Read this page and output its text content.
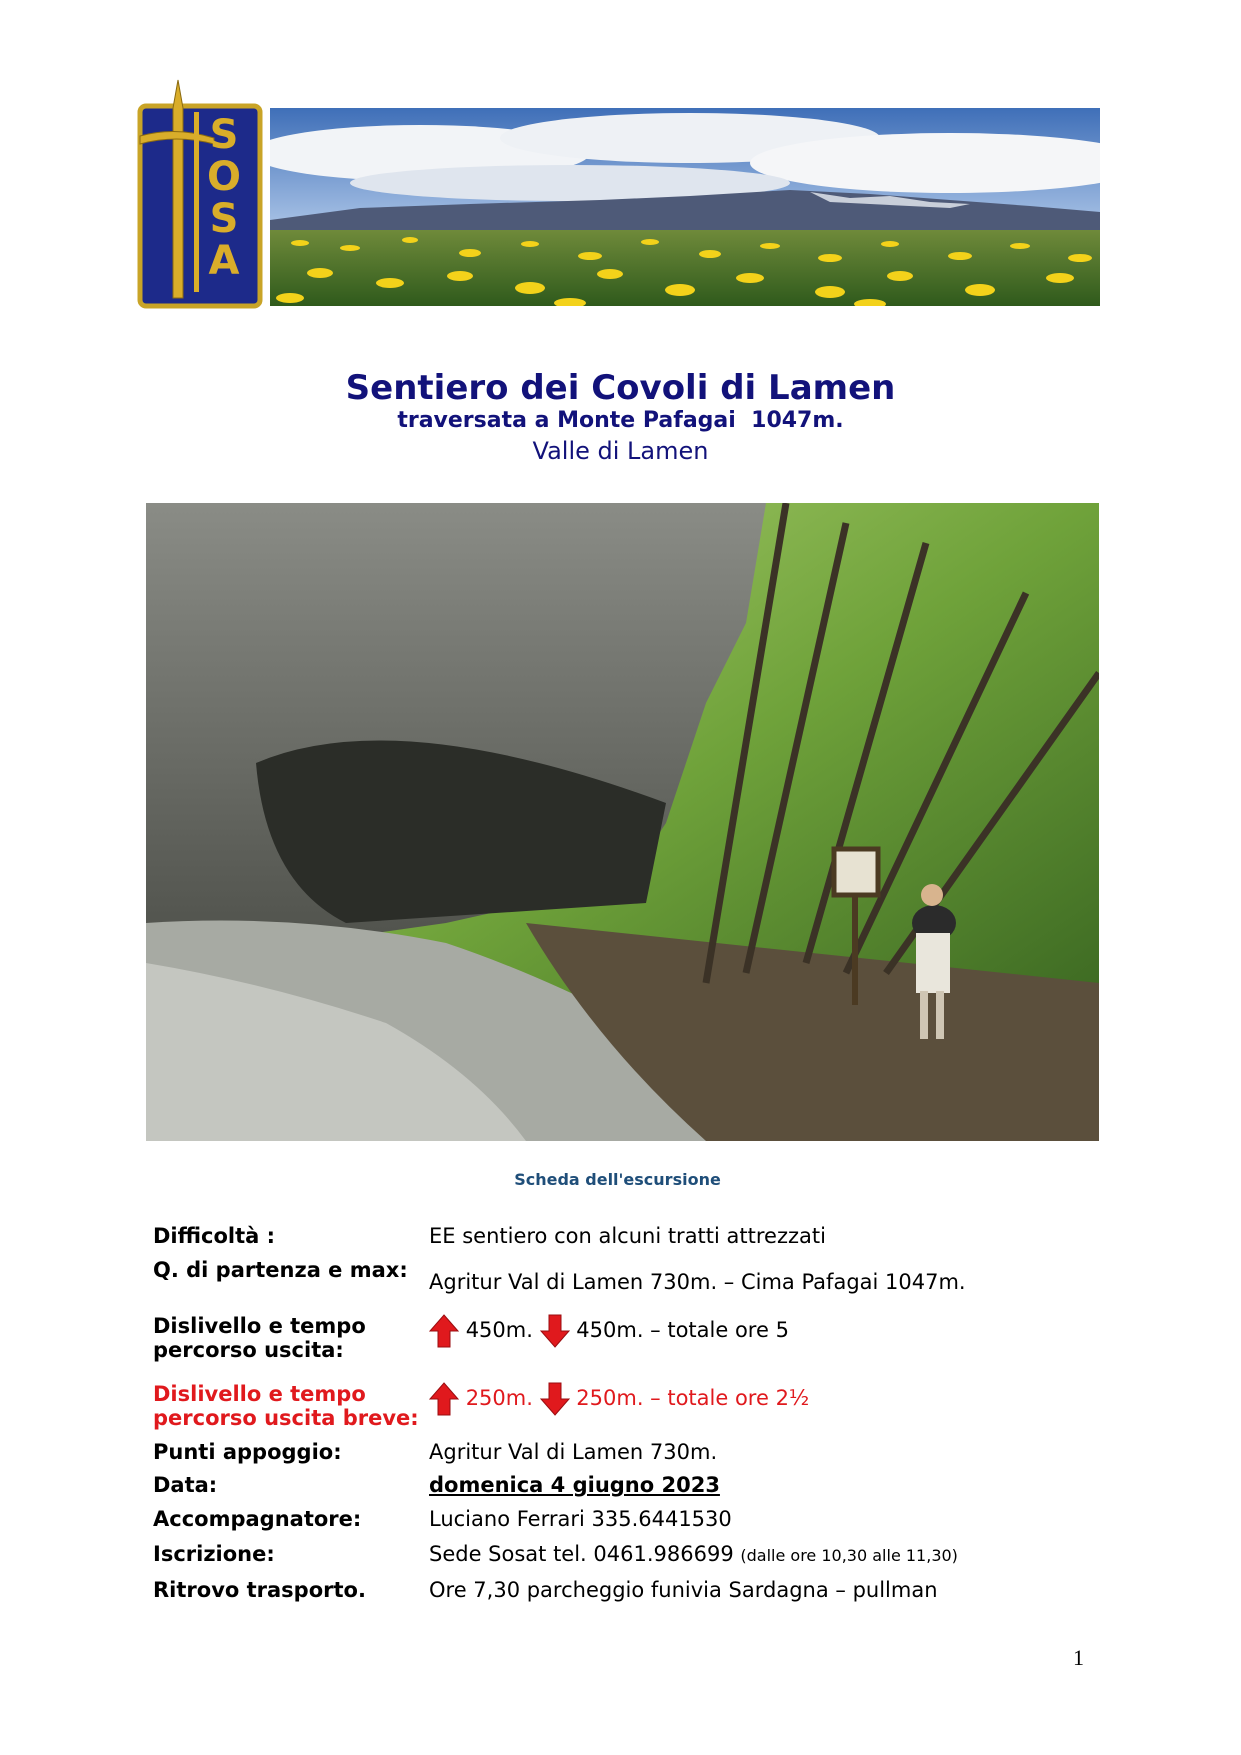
S
O
S
A
Sentiero dei Covoli di Lamen
traversata a Monte Pafagai  1047m.
Valle di Lamen
Scheda dell'escursione
Difficoltà :	EE sentiero con alcuni tratti attrezzati
Q. di partenza e max:	Agritur Val di Lamen 730m. – Cima Pafagai 1047m.
Dislivello e tempo percorso uscita:
450m. 450m. – totale ore 5
Dislivello e tempo percorso uscita breve:
250m. 250m. – totale ore 2½
Punti appoggio:	Agritur Val di Lamen 730m.
Data:	domenica 4 giugno 2023
Accompagnatore:	Luciano Ferrari 335.6441530
Iscrizione:	Sede Sosat tel. 0461.986699 (dalle ore 10,30 alle 11,30)
Ritrovo trasporto.	Ore 7,30 parcheggio funivia Sardagna – pullman
1
